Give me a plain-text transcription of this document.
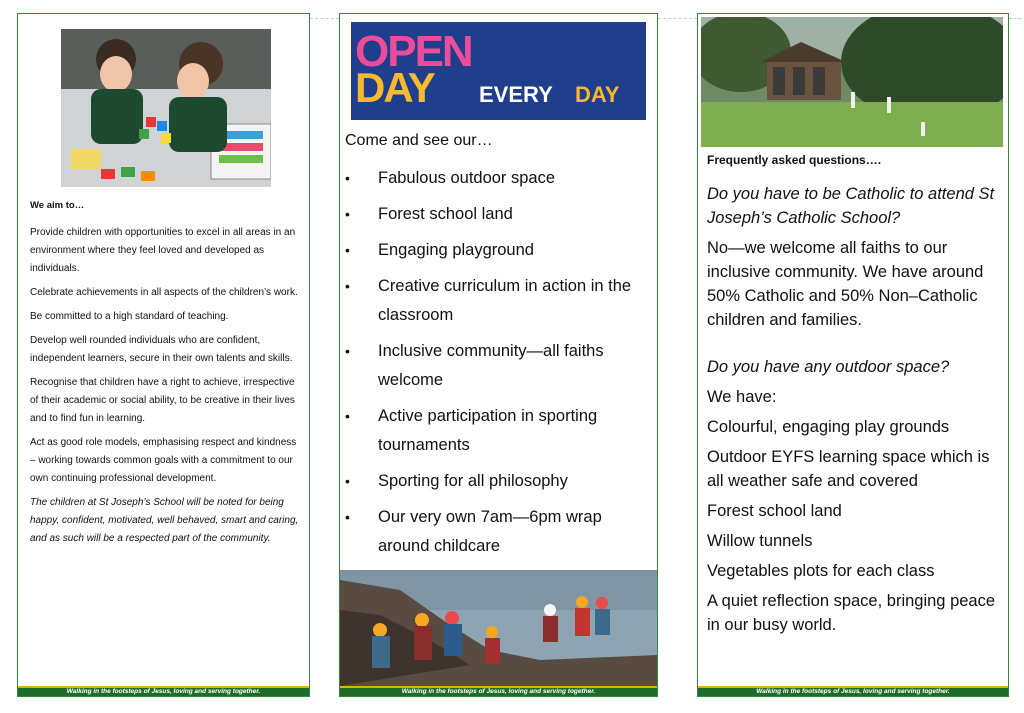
We aim to…

Provide children with opportunities to excel in all areas in an environment where they feel loved and developed as individuals.

Celebrate achievements in all aspects of the children’s work.

Be committed to a high standard of teaching.

Develop well rounded individuals who are confident, independent learners, secure in their own talents and skills.

Recognise that children have a right to achieve, irrespective of their academic or social ability, to be creative in their lives and to find fun in learning.

Act as good role models, emphasising respect and kindness – working towards common goals with a commitment to our own continuing professional development.

The children at St Joseph’s School will be noted for being happy, confident, motivated, well behaved, smart and caring, and as such will be a respected part of the community.

Walking in the footsteps of Jesus, loving and serving together.
OPEN
DAY EVERY DAY
Come and see our…
• Fabulous outdoor space
• Forest school land
• Engaging playground
• Creative curriculum in action in the classroom
• Inclusive community—all faiths welcome
• Active participation in sporting tournaments
• Sporting for all philosophy
• Our very own 7am—6pm wrap around childcare
Walking in the footsteps of Jesus, loving and serving together.
Frequently asked questions….

Do you have to be Catholic to attend St Joseph’s Catholic School?

No—we welcome all faiths to our inclusive community. We have around 50% Catholic and 50% Non–Catholic children and families.

Do you have any outdoor space?

We have:

Colourful, engaging play grounds
Outdoor EYFS learning space which is all weather safe and covered
Forest school land
Willow tunnels
Vegetables plots for each class
A quiet reflection space, bringing peace in our busy world.
Walking in the footsteps of Jesus, loving and serving together.
